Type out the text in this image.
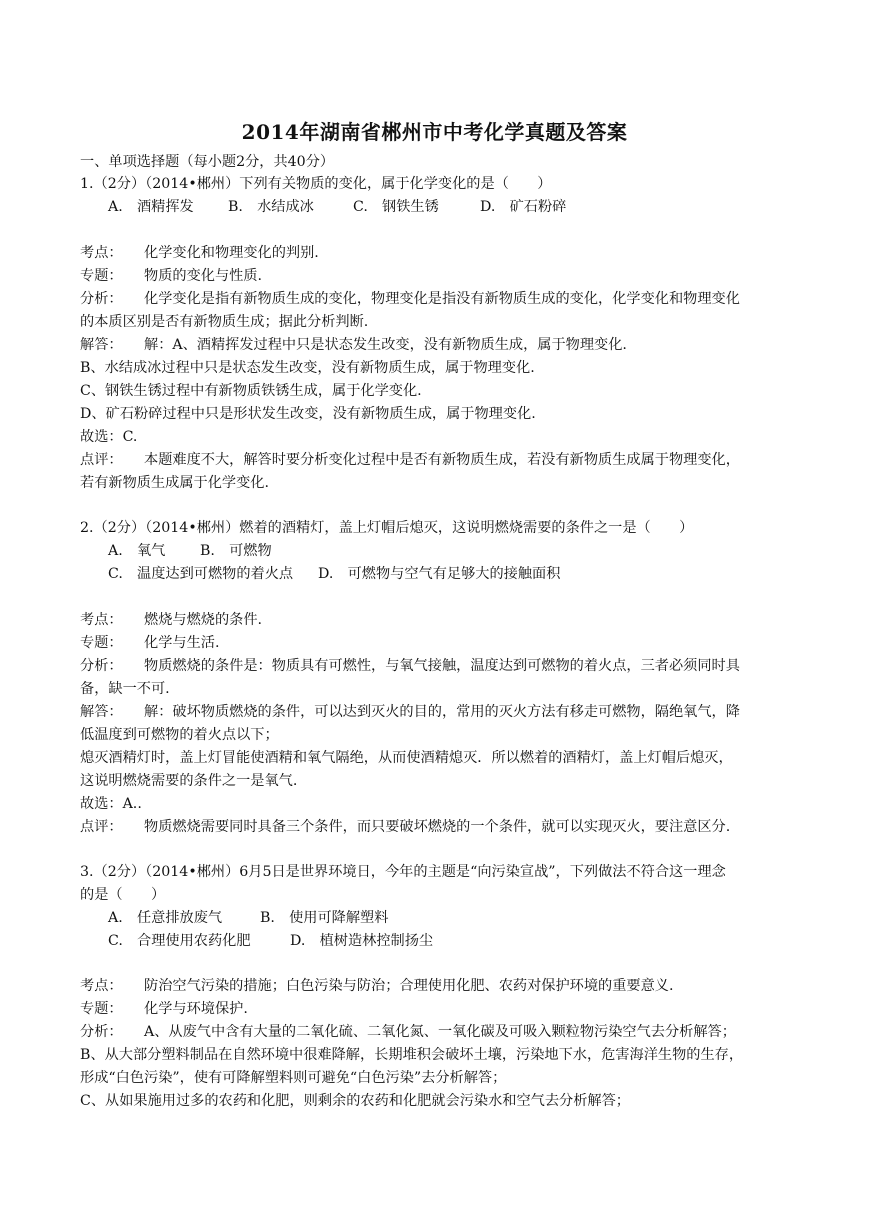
2014年湖南省郴州市中考化学真题及答案
一、单项选择题（每小题2分，共40分）
1.（2分）（2014•郴州）下列有关物质的变化，属于化学变化的是（　　）
A.　酒精挥发 B.　水结成冰	C.　钢铁生锈	D.　矿石粉碎
考点： 化学变化和物理变化的判别.
专题： 物质的变化与性质.
分析： 化学变化是指有新物质生成的变化，物理变化是指没有新物质生成的变化，化学变化和物理变化
的本质区别是否有新物质生成；据此分析判断.
解答： 解：A、酒精挥发过程中只是状态发生改变，没有新物质生成，属于物理变化.
B、水结成冰过程中只是状态发生改变，没有新物质生成，属于物理变化.
C、钢铁生锈过程中有新物质铁锈生成，属于化学变化.
D、矿石粉碎过程中只是形状发生改变，没有新物质生成，属于物理变化.
故选：C.
点评： 本题难度不大，解答时要分析变化过程中是否有新物质生成，若没有新物质生成属于物理变化，
若有新物质生成属于化学变化.
2.（2分）（2014•郴州）燃着的酒精灯，盖上灯帽后熄灭，这说明燃烧需要的条件之一是（　　）
A.　氧气 B.　可燃物
C.　温度达到可燃物的着火点 D.　可燃物与空气有足够大的接触面积
考点： 燃烧与燃烧的条件.
专题： 化学与生活.
分析： 物质燃烧的条件是：物质具有可燃性，与氧气接触，温度达到可燃物的着火点，三者必须同时具
备，缺一不可.
解答： 解：破坏物质燃烧的条件，可以达到灭火的目的，常用的灭火方法有移走可燃物，隔绝氧气，降
低温度到可燃物的着火点以下；
熄灭酒精灯时，盖上灯冒能使酒精和氧气隔绝，从而使酒精熄灭．所以燃着的酒精灯，盖上灯帽后熄灭，
这说明燃烧需要的条件之一是氧气.
故选：A..
点评： 物质燃烧需要同时具备三个条件，而只要破坏燃烧的一个条件，就可以实现灭火，要注意区分.
3.（2分）（2014•郴州）6月5日是世界环境日，今年的主题是“向污染宣战”，下列做法不符合这一理念
的是（　　）
A.　任意排放废气	B.　使用可降解塑料
C.　合理使用农药化肥	D.　植树造林控制扬尘
考点： 防治空气污染的措施；白色污染与防治；合理使用化肥、农药对保护环境的重要意义.
专题： 化学与环境保护.
分析： A、从废气中含有大量的二氧化硫、二氧化氮、一氧化碳及可吸入颗粒物污染空气去分析解答；
B、从大部分塑料制品在自然环境中很难降解，长期堆积会破坏土壤，污染地下水，危害海洋生物的生存，
形成“白色污染”，使有可降解塑料则可避免“白色污染”去分析解答；
C、从如果施用过多的农药和化肥，则剩余的农药和化肥就会污染水和空气去分析解答；
